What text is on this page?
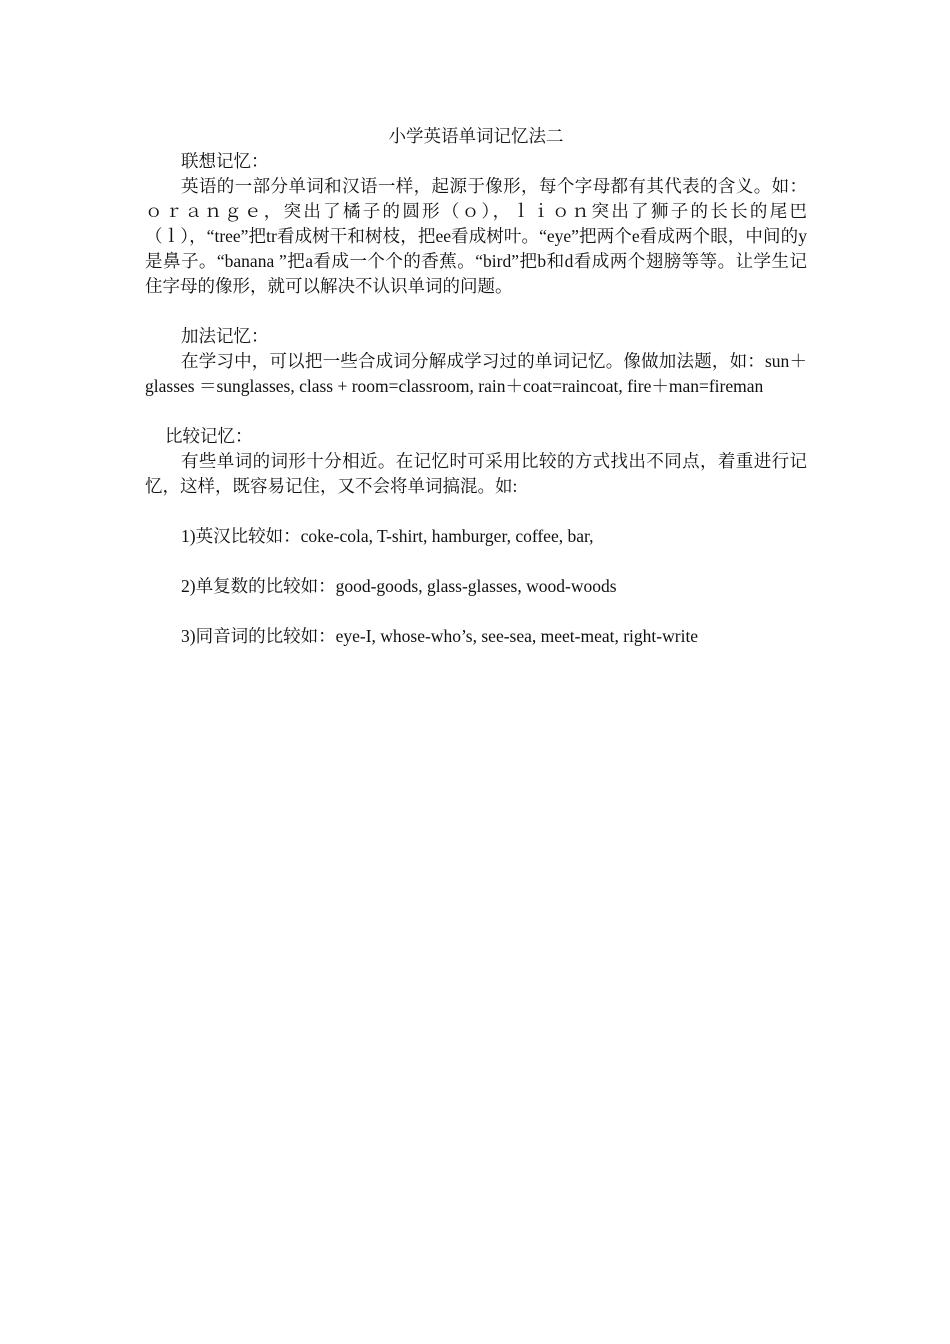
小学英语单词记忆法二

联想记忆：

英语的一部分单词和汉语一样，起源于像形，每个字母都有其代表的含义。如：ｏｒａｎｇｅ，突出了橘子的圆形（ｏ），ｌｉｏｎ突出了狮子的长长的尾巴（ｌ），“tree”把tr看成树干和树枝，把ee看成树叶。“eye”把两个e看成两个眼，中间的y是鼻子。“banana ”把a看成一个个的香蕉。“bird”把b和d看成两个翅膀等等。让学生记住字母的像形，就可以解决不认识单词的问题。

加法记忆：

在学习中，可以把一些合成词分解成学习过的单词记忆。像做加法题，如：sun＋glasses ＝sunglasses, class + room=classroom, rain＋coat=raincoat, fire＋man=fireman

比较记忆：

有些单词的词形十分相近。在记忆时可采用比较的方式找出不同点，着重进行记忆，这样，既容易记住，又不会将单词搞混。如:

1)英汉比较如：coke-cola, T-shirt, hamburger, coffee, bar,

2)单复数的比较如：good-goods, glass-glasses, wood-woods

3)同音词的比较如：eye-I, whose-who’s, see-sea, meet-meat, right-write
